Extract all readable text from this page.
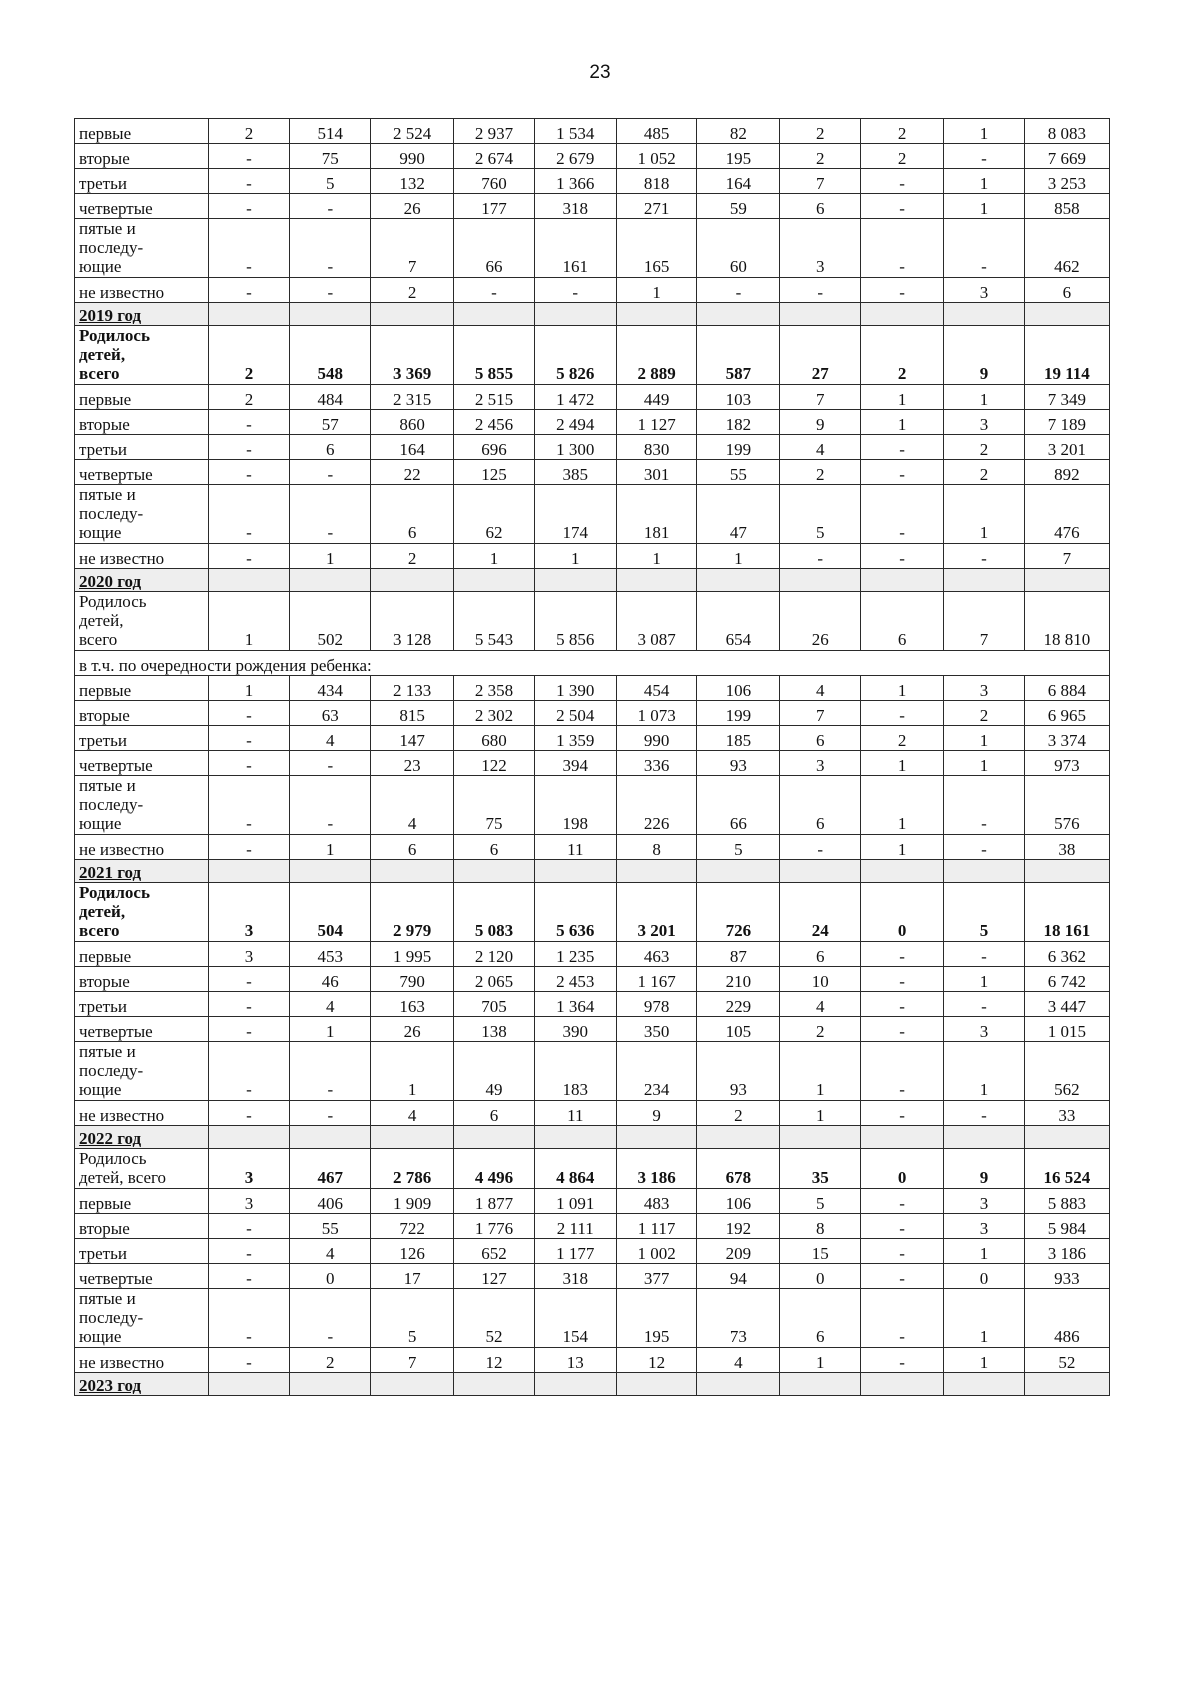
23
первые	2	514	2 524	2 937	1 534	485	82	2	2	1	8 083
вторые	-	75	990	2 674	2 679	1 052	195	2	2	-	7 669
третьи	-	5	132	760	1 366	818	164	7	-	1	3 253
четвертые	-	-	26	177	318	271	59	6	-	1	858
пятые и
последу-
ющие	-	-	7	66	161	165	60	3	-	-	462
не известно	-	-	2	-	-	1	-	-	-	3	6
2019 год											
Родилось
детей,
всего	2	548	3 369	5 855	5 826	2 889	587	27	2	9	19 114
первые	2	484	2 315	2 515	1 472	449	103	7	1	1	7 349
вторые	-	57	860	2 456	2 494	1 127	182	9	1	3	7 189
третьи	-	6	164	696	1 300	830	199	4	-	2	3 201
четвертые	-	-	22	125	385	301	55	2	-	2	892
пятые и
последу-
ющие	-	-	6	62	174	181	47	5	-	1	476
не известно	-	1	2	1	1	1	1	-	-	-	7
2020 год											
Родилось
детей,
всего	1	502	3 128	5 543	5 856	3 087	654	26	6	7	18 810
в т.ч. по очередности рождения ребенка:											
первые	1	434	2 133	2 358	1 390	454	106	4	1	3	6 884
вторые	-	63	815	2 302	2 504	1 073	199	7	-	2	6 965
третьи	-	4	147	680	1 359	990	185	6	2	1	3 374
четвертые	-	-	23	122	394	336	93	3	1	1	973
пятые и
последу-
ющие	-	-	4	75	198	226	66	6	1	-	576
не известно	-	1	6	6	11	8	5	-	1	-	38
2021 год											
Родилось
детей,
всего	3	504	2 979	5 083	5 636	3 201	726	24	0	5	18 161
первые	3	453	1 995	2 120	1 235	463	87	6	-	-	6 362
вторые	-	46	790	2 065	2 453	1 167	210	10	-	1	6 742
третьи	-	4	163	705	1 364	978	229	4	-	-	3 447
четвертые	-	1	26	138	390	350	105	2	-	3	1 015
пятые и
последу-
ющие	-	-	1	49	183	234	93	1	-	1	562
не известно	-	-	4	6	11	9	2	1	-	-	33
2022 год											
Родилось
детей, всего	3	467	2 786	4 496	4 864	3 186	678	35	0	9	16 524
первые	3	406	1 909	1 877	1 091	483	106	5	-	3	5 883
вторые	-	55	722	1 776	2 111	1 117	192	8	-	3	5 984
третьи	-	4	126	652	1 177	1 002	209	15	-	1	3 186
четвертые	-	0	17	127	318	377	94	0	-	0	933
пятые и
последу-
ющие	-	-	5	52	154	195	73	6	-	1	486
не известно	-	2	7	12	13	12	4	1	-	1	52
2023 год											
